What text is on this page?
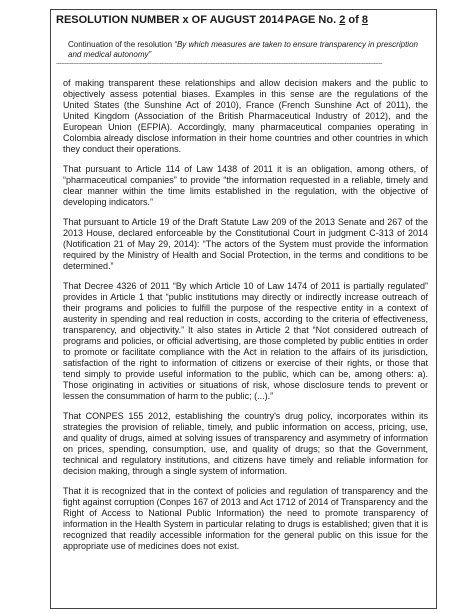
RESOLUTION NUMBER x OF AUGUST 2014 PAGE No. 2 of 8
Continuation of the resolution “By which measures are taken to ensure transparency in prescription and medical autonomy”
------------------------------------------------------------------------------------------------------------------------------------------------------------------------------------------------

of making transparent these relationships and allow decision makers and the public to objectively assess potential biases. Examples in this sense are the regulations of the United States (the Sunshine Act of 2010), France (French Sunshine Act of 2011), the United Kingdom (Association of the British Pharmaceutical Industry of 2012), and the European Union (EFPIA). Accordingly, many pharmaceutical companies operating in Colombia already disclose information in their home countries and other countries in which they conduct their operations.

That pursuant to Article 114 of Law 1438 of 2011 it is an obligation, among others, of “pharmaceutical companies” to provide “the information requested in a reliable, timely and clear manner within the time limits established in the regulation, with the objective of developing indicators.”

That pursuant to Article 19 of the Draft Statute Law 209 of the 2013 Senate and 267 of the 2013 House, declared enforceable by the Constitutional Court in judgment C-313 of 2014 (Notification 21 of May 29, 2014): “The actors of the System must provide the information required by the Ministry of Health and Social Protection, in the terms and conditions to be determined.”

That Decree 4326 of 2011 “By which Article 10 of Law 1474 of 2011 is partially regulated” provides in Article 1 that “public institutions may directly or indirectly increase outreach of their programs and policies to fulfill the purpose of the respective entity in a context of austerity in spending and real reduction in costs, according to the criteria of effectiveness, transparency, and objectivity.” It also states in Article 2 that “Not considered outreach of programs and policies, or official advertising, are those completed by public entities in order to promote or facilitate compliance with the Act in relation to the affairs of its jurisdiction, satisfaction of the right to information of citizens or exercise of their rights, or those that tend simply to provide useful information to the public, which can be, among others: a). Those originating in activities or situations of risk, whose disclosure tends to prevent or lessen the consummation of harm to the public; (...).”

That CONPES 155 2012, establishing the country's drug policy, incorporates within its strategies the provision of reliable, timely, and public information on access, pricing, use, and quality of drugs, aimed at solving issues of transparency and asymmetry of information on prices, spending, consumption, use, and quality of drugs; so that the Government, technical and regulatory institutions, and citizens have timely and reliable information for decision making, through a single system of information.

That it is recognized that in the context of policies and regulation of transparency and the fight against corruption (Conpes 167 of 2013 and Act 1712 of 2014 of Transparency and the Right of Access to National Public Information) the need to promote transparency of information in the Health System in particular relating to drugs is established; given that it is recognized that readily accessible information for the general public on this issue for the appropriate use of medicines does not exist.
